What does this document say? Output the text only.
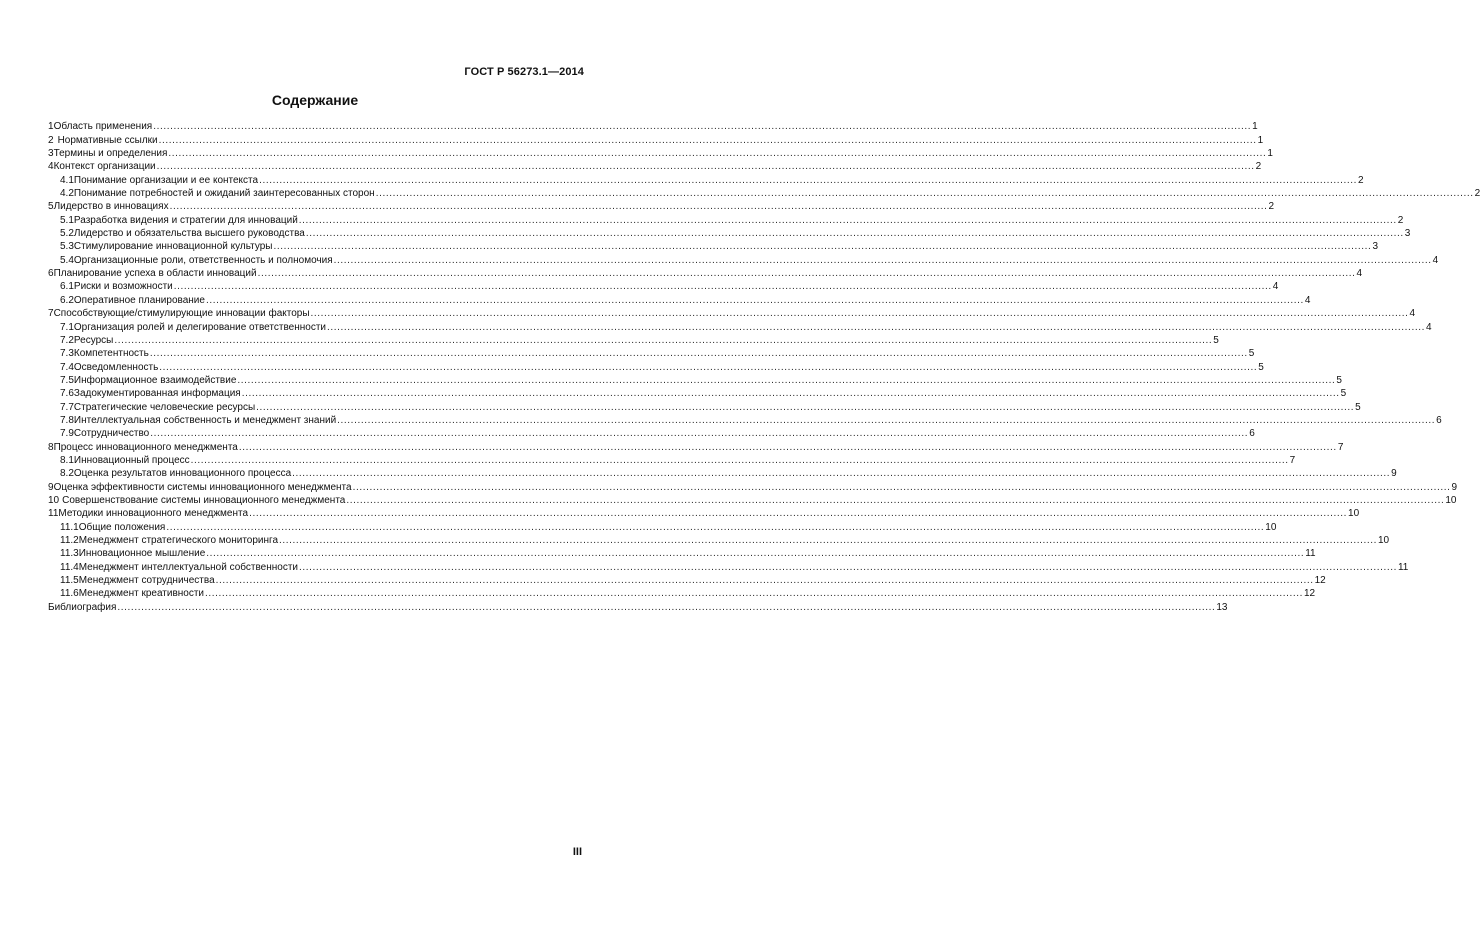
ГОСТ Р 56273.1—2014
Содержание
1 Область применения .....	1
2 Нормативные ссылки .....	1
3 Термины и определения .....	1
4 Контекст организации .....	2
4.1 Понимание организации и ее контекста .....	2
4.2 Понимание потребностей и ожиданий заинтересованных сторон .....	2
5 Лидерство в инновациях .....	2
5.1 Разработка видения и стратегии для инноваций .....	2
5.2 Лидерство и обязательства высшего руководства .....	3
5.3 Стимулирование инновационной культуры .....	3
5.4 Организационные роли, ответственность и полномочия .....	4
6 Планирование успеха в области инноваций .....	4
6.1 Риски и возможности .....	4
6.2 Оперативное планирование .....	4
7 Способствующие/стимулирующие инновации факторы .....	4
7.1 Организация ролей и делегирование ответственности .....	4
7.2 Ресурсы .....	5
7.3 Компетентность .....	5
7.4 Осведомленность .....	5
7.5 Информационное взаимодействие .....	5
7.6 Задокументированная информация .....	5
7.7 Стратегические человеческие ресурсы .....	5
7.8 Интеллектуальная собственность и менеджмент знаний .....	6
7.9 Сотрудничество .....	6
8 Процесс инновационного менеджмента .....	7
8.1 Инновационный процесс .....	7
8.2 Оценка результатов инновационного процесса .....	9
9 Оценка эффективности системы инновационного менеджмента .....	9
10 Совершенствование системы инновационного менеджмента .....	10
11 Методики инновационного менеджмента .....	10
11.1 Общие положения .....	10
11.2 Менеджмент стратегического мониторинга .....	10
11.3 Инновационное мышление .....	11
11.4 Менеджмент интеллектуальной собственности .....	11
11.5 Менеджмент сотрудничества .....	12
11.6 Менеджмент креативности .....	12
Библиография .....	13
III
